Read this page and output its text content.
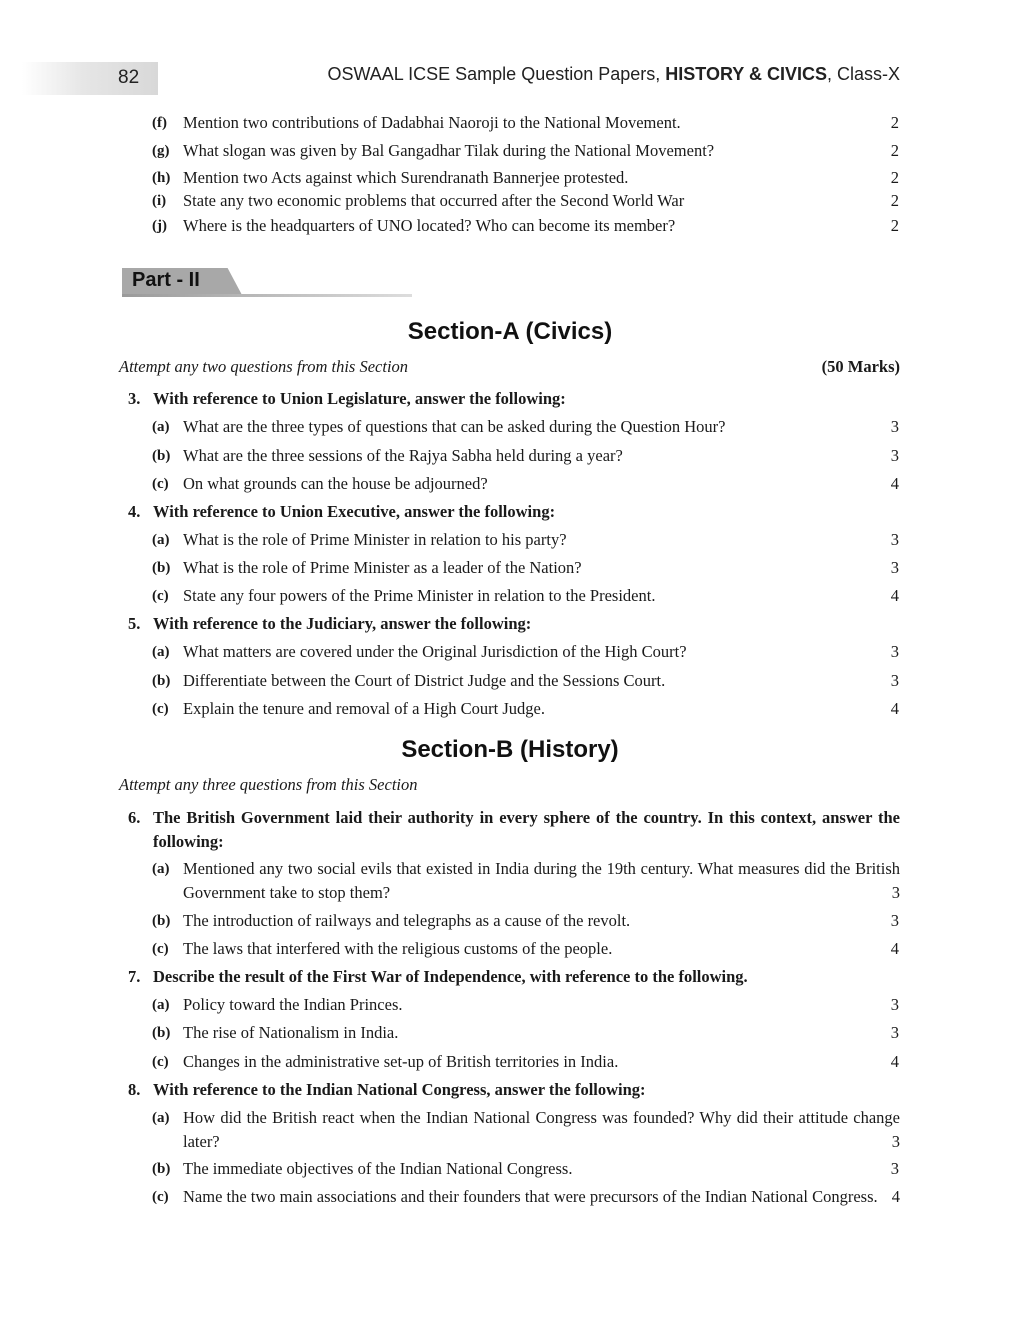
82	OSWAAL ICSE Sample Question Papers, HISTORY & CIVICS, Class-X
(f) Mention two contributions of Dadabhai Naoroji to the National Movement.	2
(g) What slogan was given by Bal Gangadhar Tilak during the National Movement?	2
(h) Mention two Acts against which Surendranath Bannerjee protested.	2
(i) State any two economic problems that occurred after the Second World War	2
(j) Where is the headquarters of UNO located? Who can become its member?	2
Part - II
Section-A (Civics)
Attempt any two questions from this Section	(50 Marks)
3. With reference to Union Legislature, answer the following:
(a) What are the three types of questions that can be asked during the Question Hour?	3
(b) What are the three sessions of the Rajya Sabha held during a year?	3
(c) On what grounds can the house be adjourned?	4
4. With reference to Union Executive, answer the following:
(a) What is the role of Prime Minister in relation to his party?	3
(b) What is the role of Prime Minister as a leader of the Nation?	3
(c) State any four powers of the Prime Minister in relation to the President.	4
5. With reference to the Judiciary, answer the following:
(a) What matters are covered under the Original Jurisdiction of the High Court?	3
(b) Differentiate between the Court of District Judge and the Sessions Court.	3
(c) Explain the tenure and removal of a High Court Judge.	4
Section-B (History)
Attempt any three questions from this Section
6. The British Government laid their authority in every sphere of the country. In this context, answer the following:
(a) Mentioned any two social evils that existed in India during the 19th century. What measures did the British Government take to stop them?	3
(b) The introduction of railways and telegraphs as a cause of the revolt.	3
(c) The laws that interfered with the religious customs of the people.	4
7. Describe the result of the First War of Independence, with reference to the following.
(a) Policy toward the Indian Princes.	3
(b) The rise of Nationalism in India.	3
(c) Changes in the administrative set-up of British territories in India.	4
8. With reference to the Indian National Congress, answer the following:
(a) How did the British react when the Indian National Congress was founded? Why did their attitude change later?	3
(b) The immediate objectives of the Indian National Congress.	3
(c) Name the two main associations and their founders that were precursors of the Indian National Congress. 4
